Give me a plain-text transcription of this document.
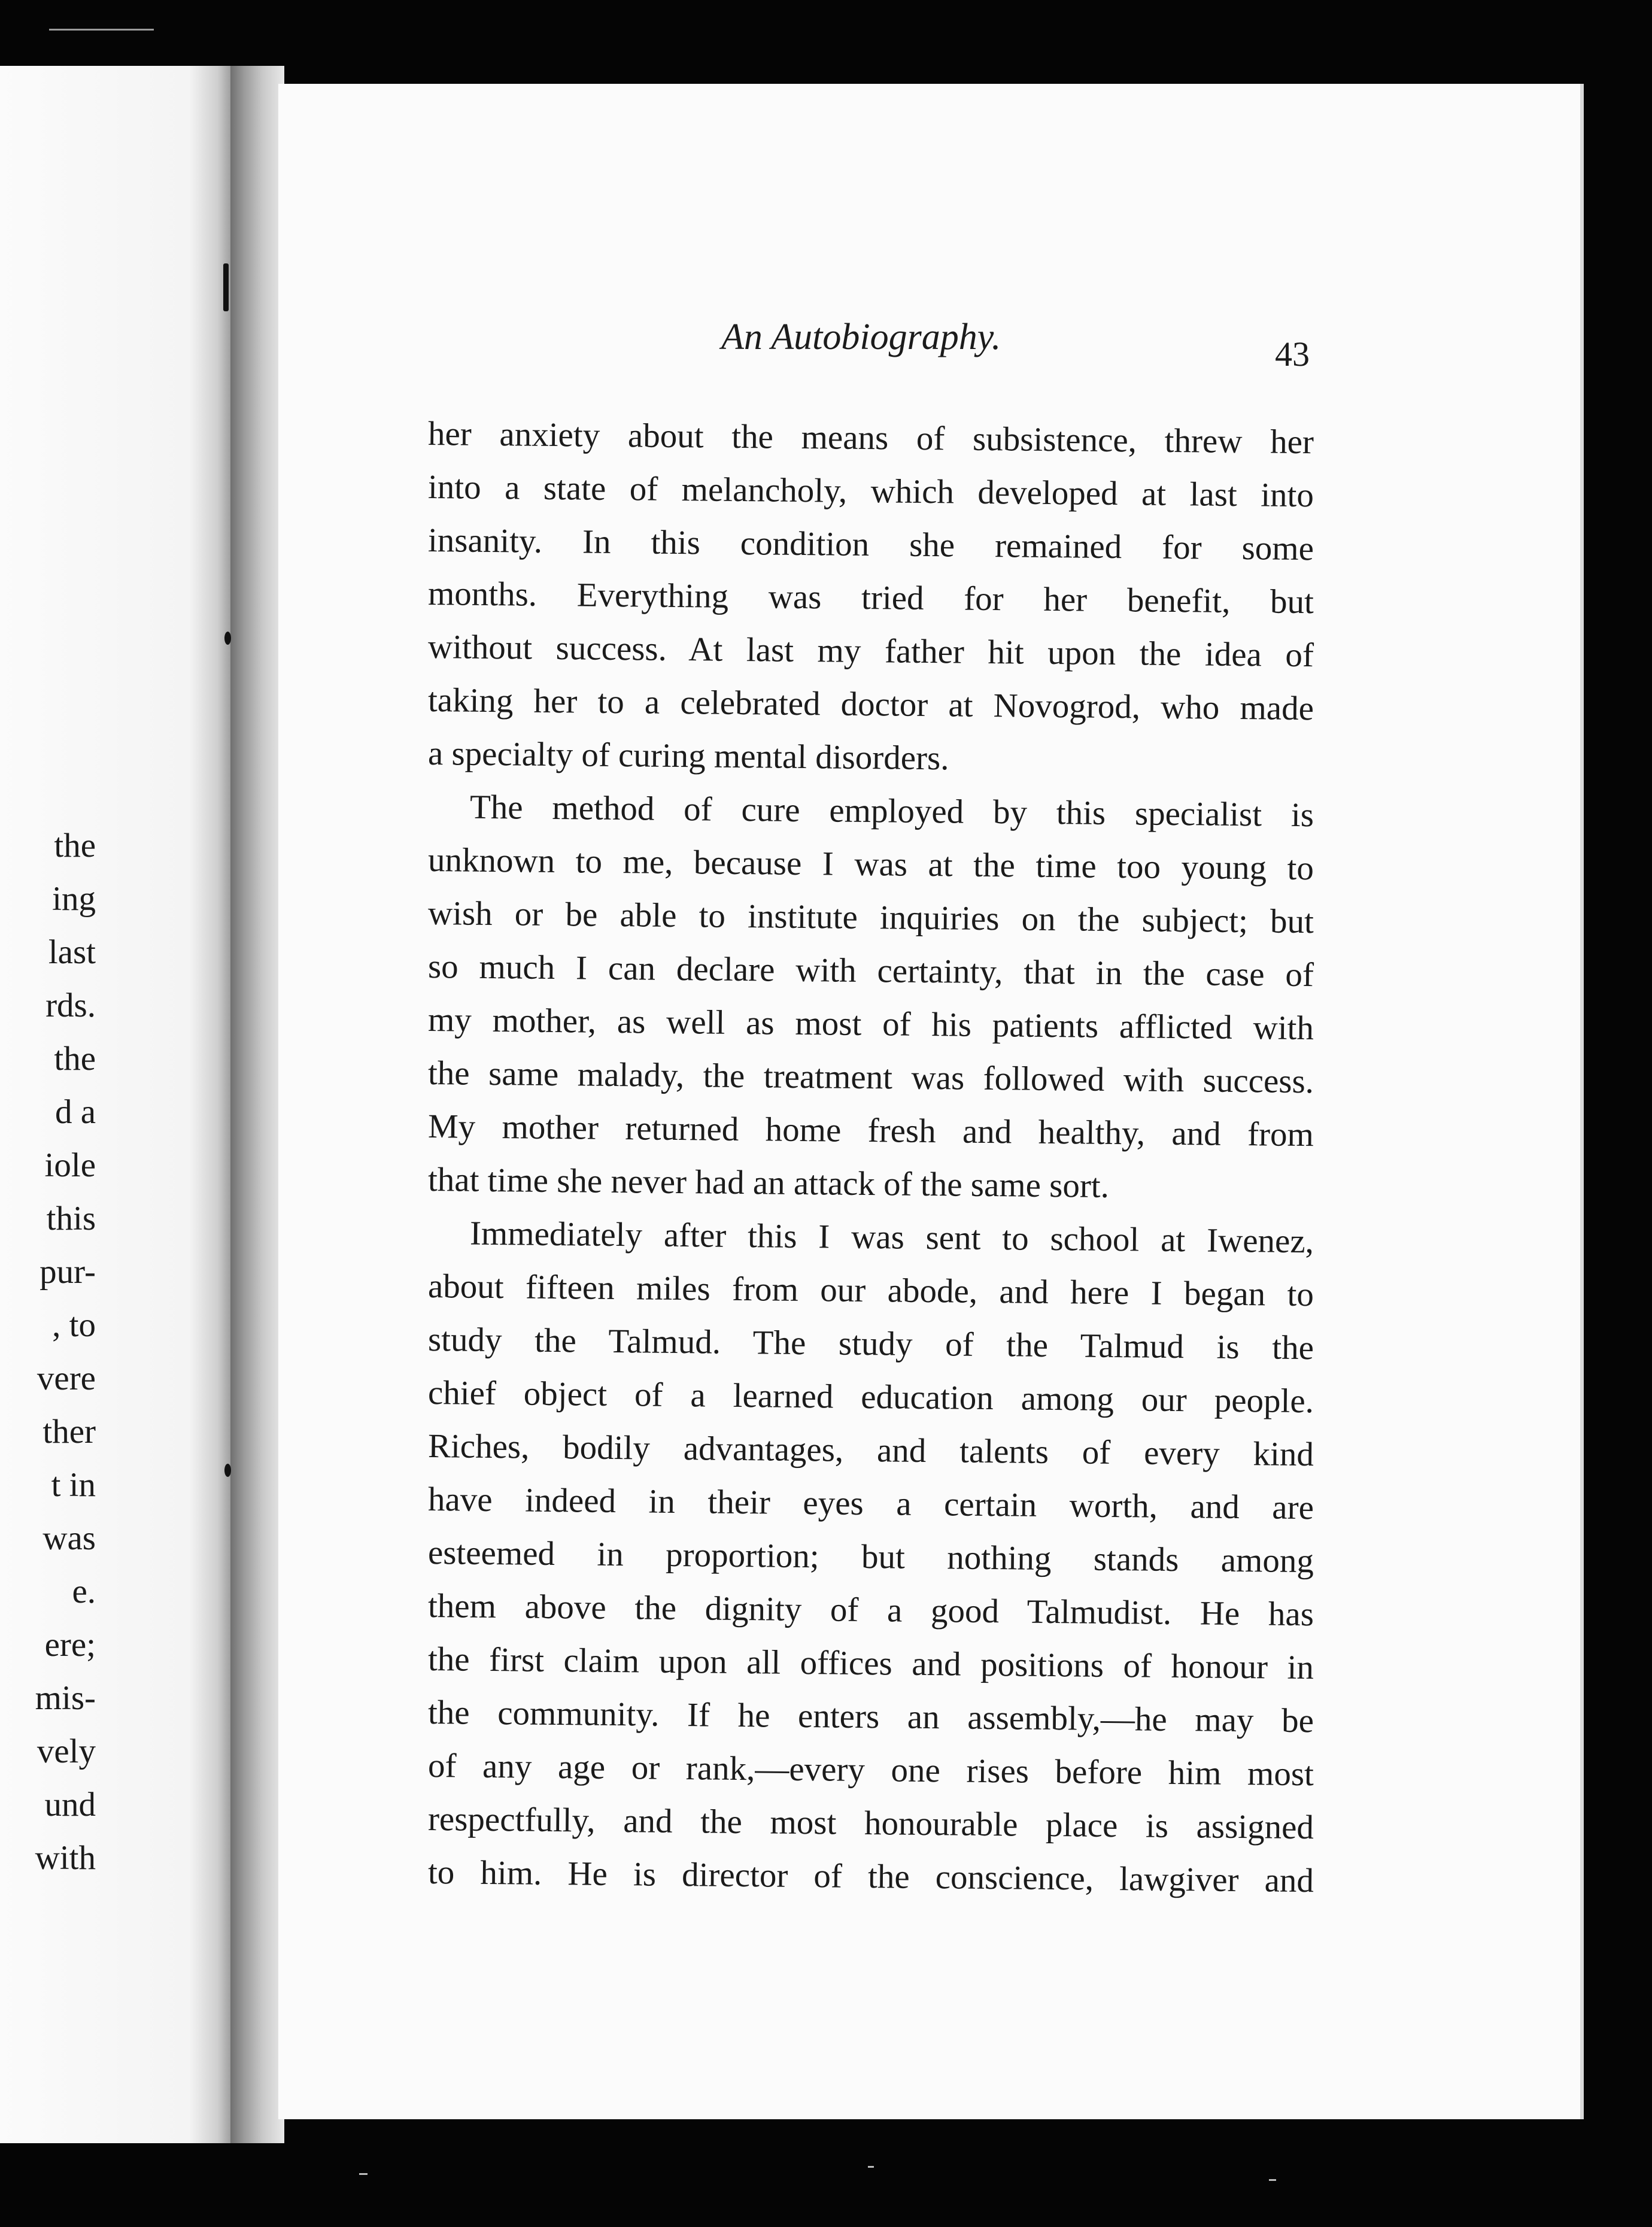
the
ing
last
rds.
the
d a
iole
this
pur-
, to
vere
ther
t in
was
e.
ere;
mis-
vely
und
with
An Autobiography.	43
her anxiety about the means of subsistence, threw her
into a state of melancholy, which developed at last into
insanity. In this condition she remained for some
months. Everything was tried for her benefit, but
without success. At last my father hit upon the idea of
taking her to a celebrated doctor at Novogrod, who made
a specialty of curing mental disorders.
The method of cure employed by this specialist is
unknown to me, because I was at the time too young to
wish or be able to institute inquiries on the subject; but
so much I can declare with certainty, that in the case of
my mother, as well as most of his patients afflicted with
the same malady, the treatment was followed with success.
My mother returned home fresh and healthy, and from
that time she never had an attack of the same sort.
Immediately after this I was sent to school at Iwenez,
about fifteen miles from our abode, and here I began to
study the Talmud. The study of the Talmud is the
chief object of a learned education among our people.
Riches, bodily advantages, and talents of every kind
have indeed in their eyes a certain worth, and are
esteemed in proportion; but nothing stands among
them above the dignity of a good Talmudist. He has
the first claim upon all offices and positions of honour in
the community. If he enters an assembly,—he may be
of any age or rank,—every one rises before him most
respectfully, and the most honourable place is assigned
to him. He is director of the conscience, lawgiver and
